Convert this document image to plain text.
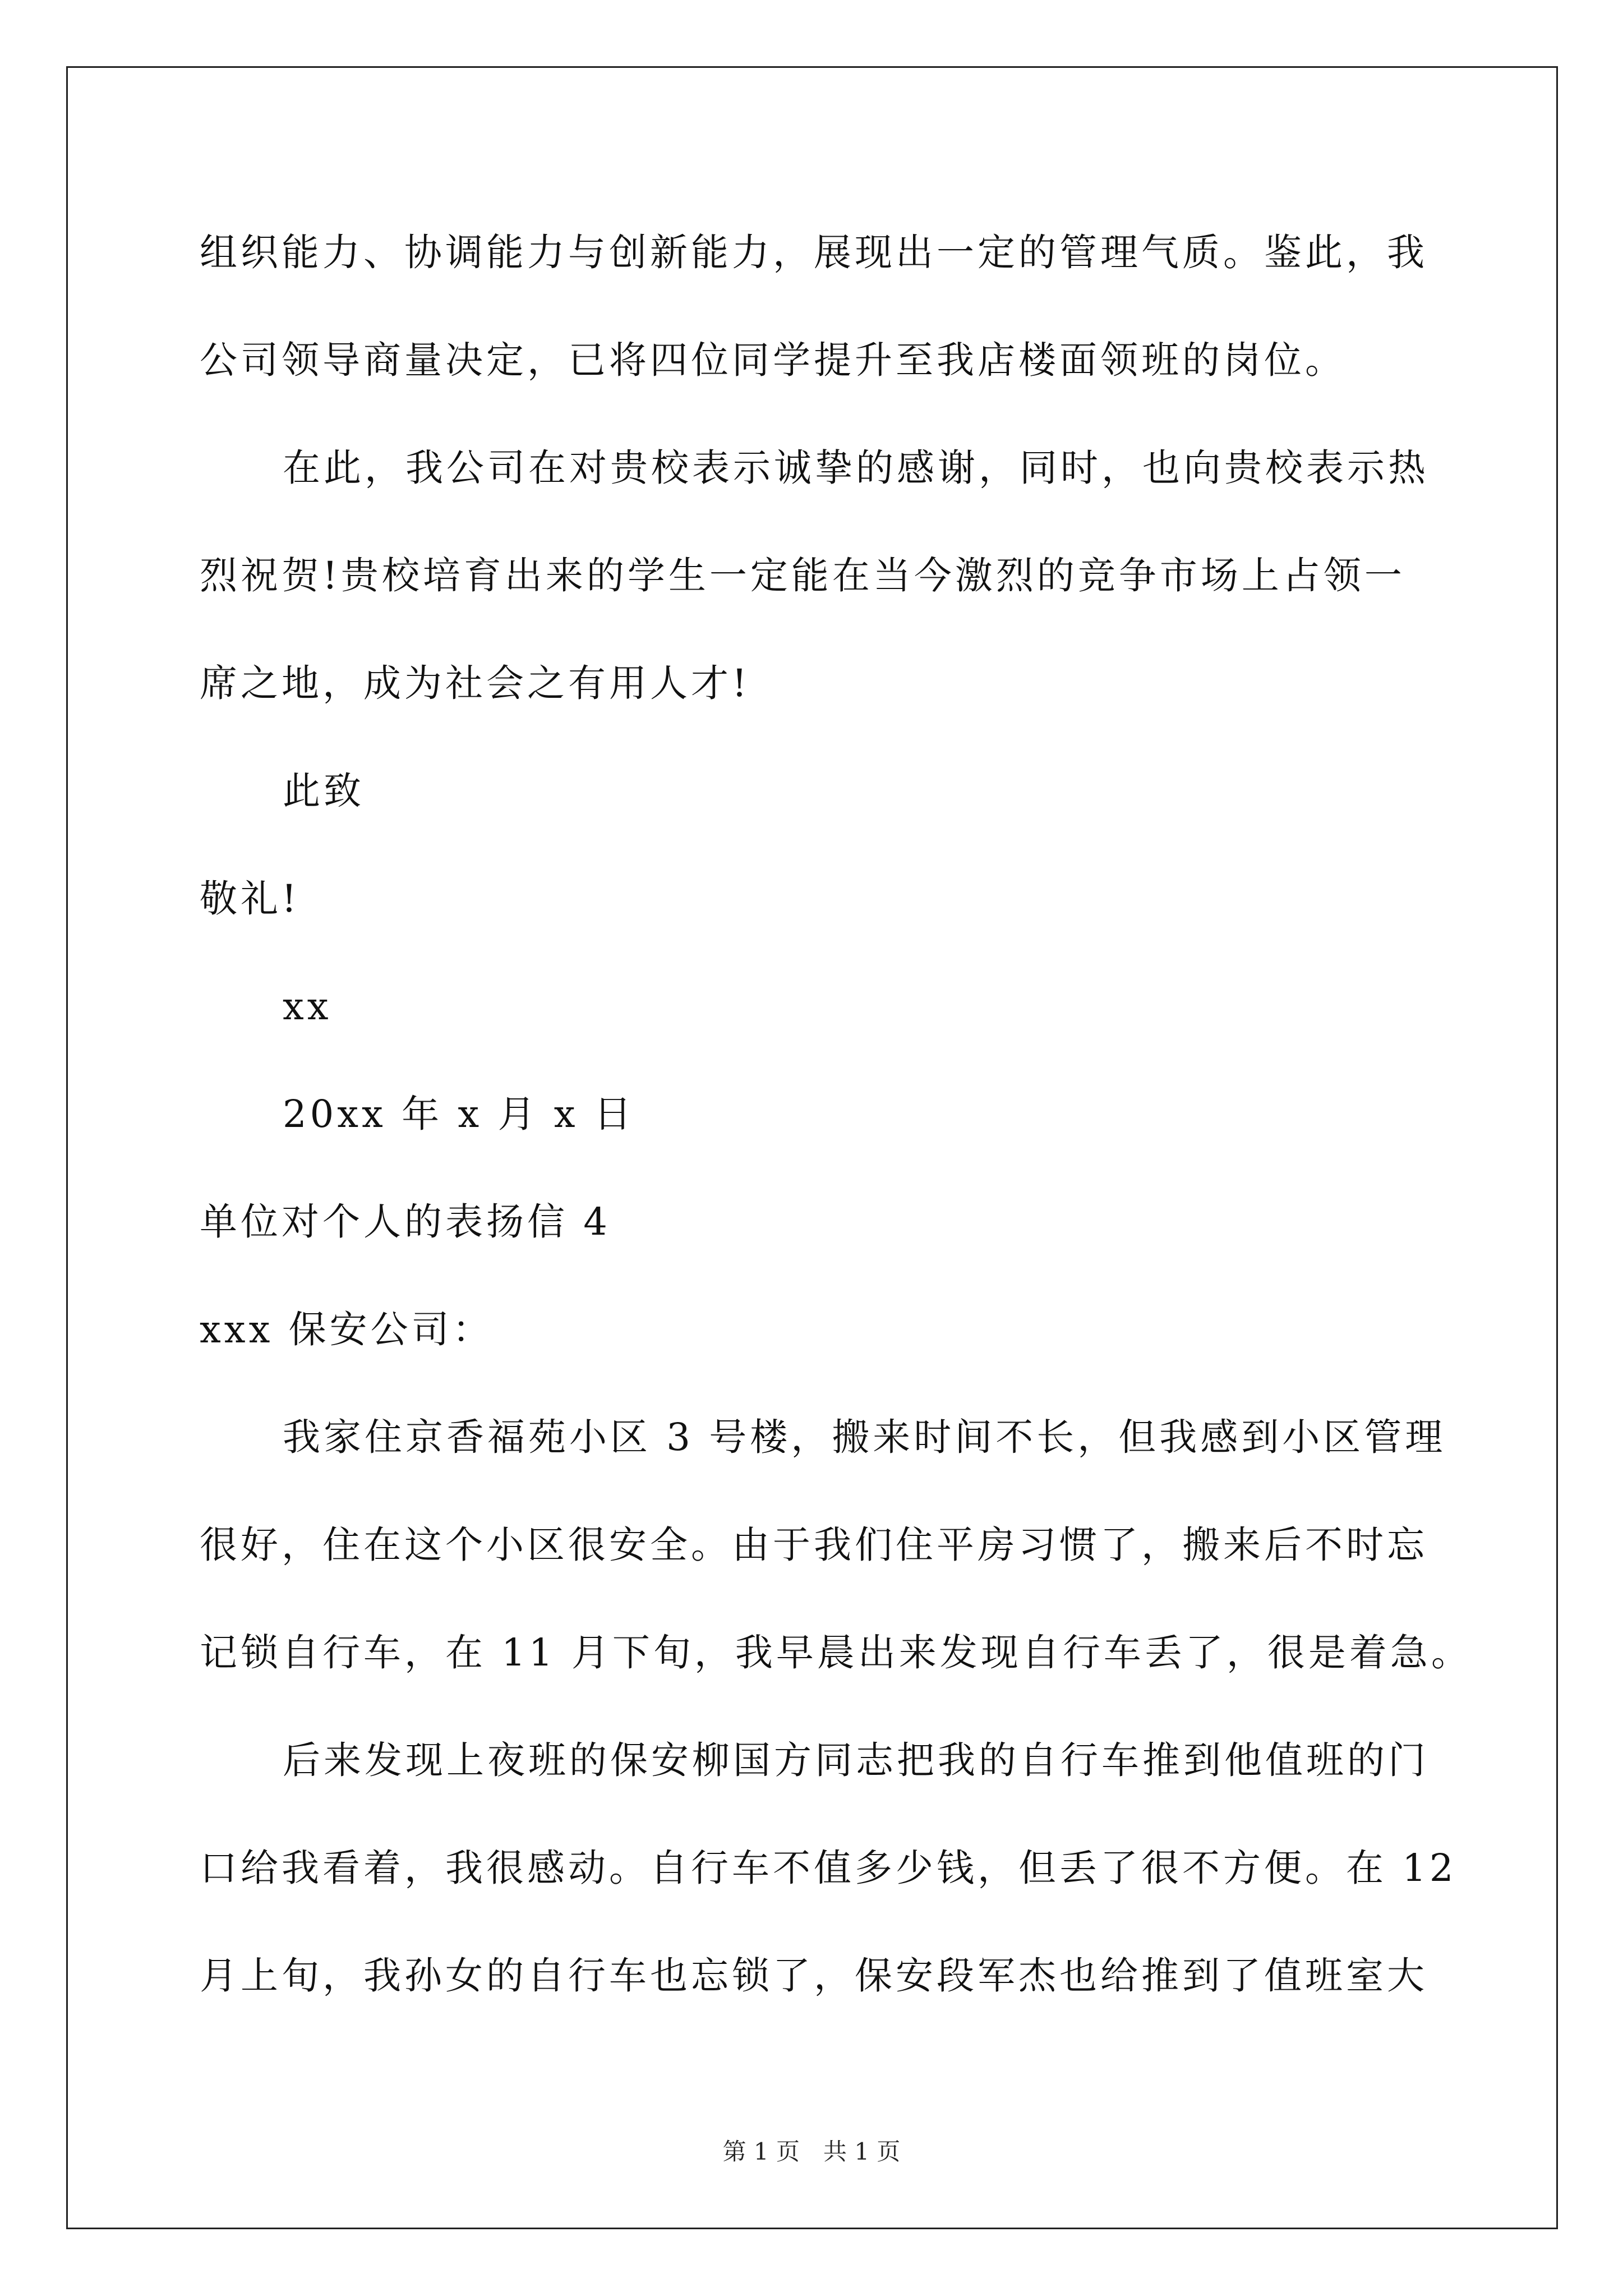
组织能力、协调能力与创新能力，展现出一定的管理气质。鉴此，我
公司领导商量决定，已将四位同学提升至我店楼面领班的岗位。
在此，我公司在对贵校表示诚挚的感谢，同时，也向贵校表示热
烈祝贺!贵校培育出来的学生一定能在当今激烈的竞争市场上占领一
席之地，成为社会之有用人才!
此致
敬礼!
xx
20xx 年 x 月 x 日
单位对个人的表扬信 4
xxx 保安公司：
我家住京香福苑小区 3 号楼，搬来时间不长，但我感到小区管理
很好，住在这个小区很安全。由于我们住平房习惯了，搬来后不时忘
记锁自行车，在 11 月下旬，我早晨出来发现自行车丢了，很是着急。
后来发现上夜班的保安柳国方同志把我的自行车推到他值班的门
口给我看着，我很感动。自行车不值多少钱，但丢了很不方便。在 12
月上旬，我孙女的自行车也忘锁了，保安段军杰也给推到了值班室大
第 1 页　共 1 页
